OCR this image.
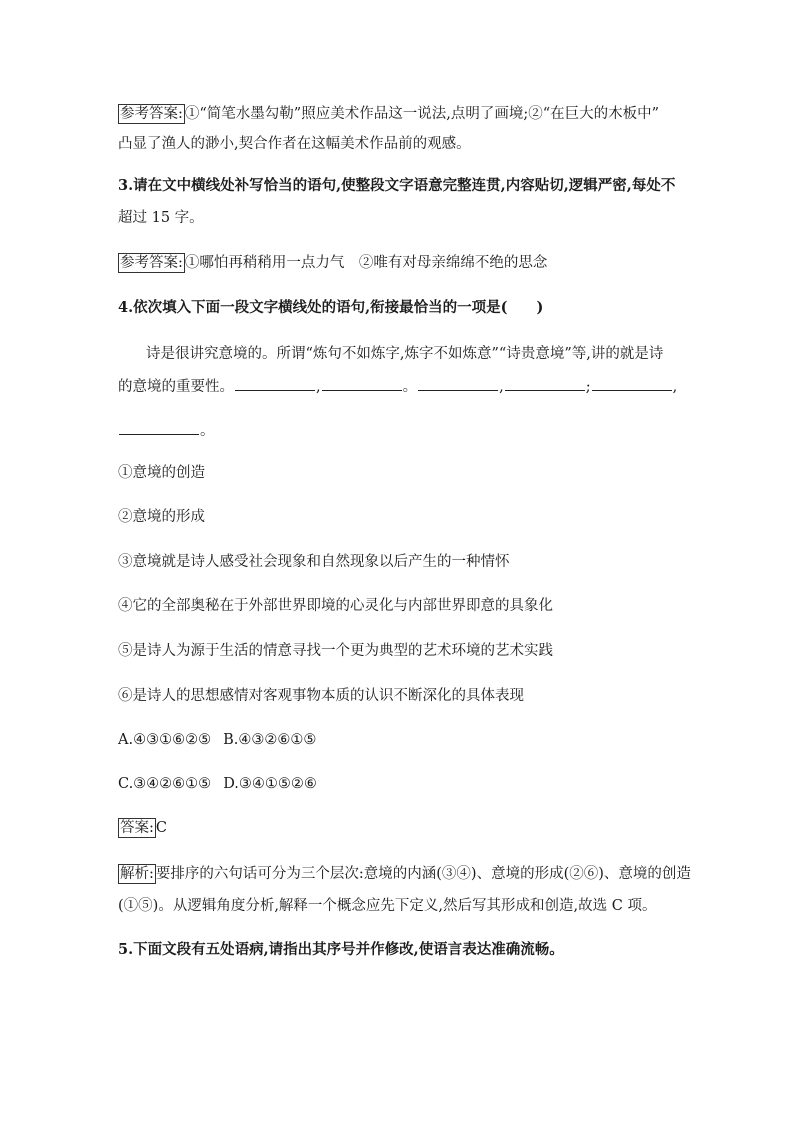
参考答案: ①“简笔水墨勾勒”照应美术作品这一说法,点明了画境;②“在巨大的木板中”
凸显了渔人的渺小,契合作者在这幅美术作品前的观感。
3.请在文中横线处补写恰当的语句,使整段文字语意完整连贯,内容贴切,逻辑严密,每处不
超过 15 字。
参考答案: ①哪怕再稍稍用一点力气　②唯有对母亲绵绵不绝的思念
4.依次填入下面一段文字横线处的语句,衔接最恰当的一项是(　　)
诗是很讲究意境的。所谓“炼句不如炼字,炼字不如炼意”“诗贵意境”等,讲的就是诗
的意境的重要性。	,	。	,	;	,
。
①意境的创造
②意境的形成
③意境就是诗人感受社会现象和自然现象以后产生的一种情怀
④它的全部奥秘在于外部世界即境的心灵化与内部世界即意的具象化
⑤是诗人为源于生活的情意寻找一个更为典型的艺术环境的艺术实践
⑥是诗人的思想感情对客观事物本质的认识不断深化的具体表现
A.④③①⑥②⑤ B.④③②⑥①⑤
C.③④②⑥①⑤ D.③④①⑤②⑥
答案: C
解析: 要排序的六句话可分为三个层次:意境的内涵(③④)、意境的形成(②⑥)、意境的创造
(①⑤)。从逻辑角度分析,解释一个概念应先下定义,然后写其形成和创造,故选 C 项。
5.下面文段有五处语病,请指出其序号并作修改,使语言表达准确流畅。
